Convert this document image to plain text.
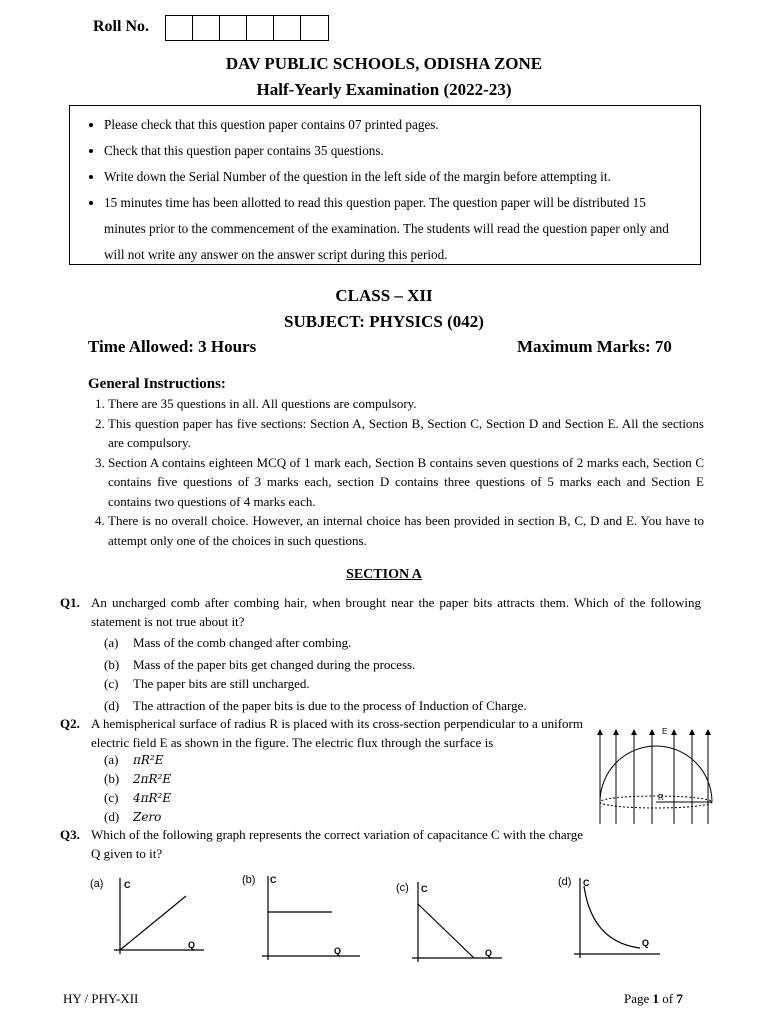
Roll No.
DAV PUBLIC SCHOOLS, ODISHA ZONE
Half-Yearly Examination (2022-23)
• Please check that this question paper contains 07 printed pages.
• Check that this question paper contains 35 questions.
• Write down the Serial Number of the question in the left side of the margin before attempting it.
• 15 minutes time has been allotted to read this question paper. The question paper will be distributed 15 minutes prior to the commencement of the examination. The students will read the question paper only and will not write any answer on the answer script during this period.
CLASS – XII
SUBJECT: PHYSICS (042)
Time Allowed: 3 Hours	Maximum Marks: 70
General Instructions:
1. There are 35 questions in all. All questions are compulsory.
2. This question paper has five sections: Section A, Section B, Section C, Section D and Section E. All the sections are compulsory.
3. Section A contains eighteen MCQ of 1 mark each, Section B contains seven questions of 2 marks each, Section C contains five questions of 3 marks each, section D contains three questions of 5 marks each and Section E contains two questions of 4 marks each.
4. There is no overall choice. However, an internal choice has been provided in section B, C, D and E. You have to attempt only one of the choices in such questions.
SECTION A
Q1. An uncharged comb after combing hair, when brought near the paper bits attracts them. Which of the following statement is not true about it?
(a) Mass of the comb changed after combing.
(b) Mass of the paper bits get changed during the process.
(c) The paper bits are still uncharged.
(d) The attraction of the paper bits is due to the process of Induction of Charge.
Q2. A hemispherical surface of radius R is placed with its cross-section perpendicular to a uniform electric field E as shown in the figure. The electric flux through the surface is
(a) πR²E
(b) 2πR²E
(c) 4πR²E
(d) Zero
E
R
Q3. Which of the following graph represents the correct variation of capacitance C with the charge Q given to it?
(a) C
Q
(b) C
Q
(c) C
Q
(d) C
Q
HY / PHY-XII	Page 1 of 7
